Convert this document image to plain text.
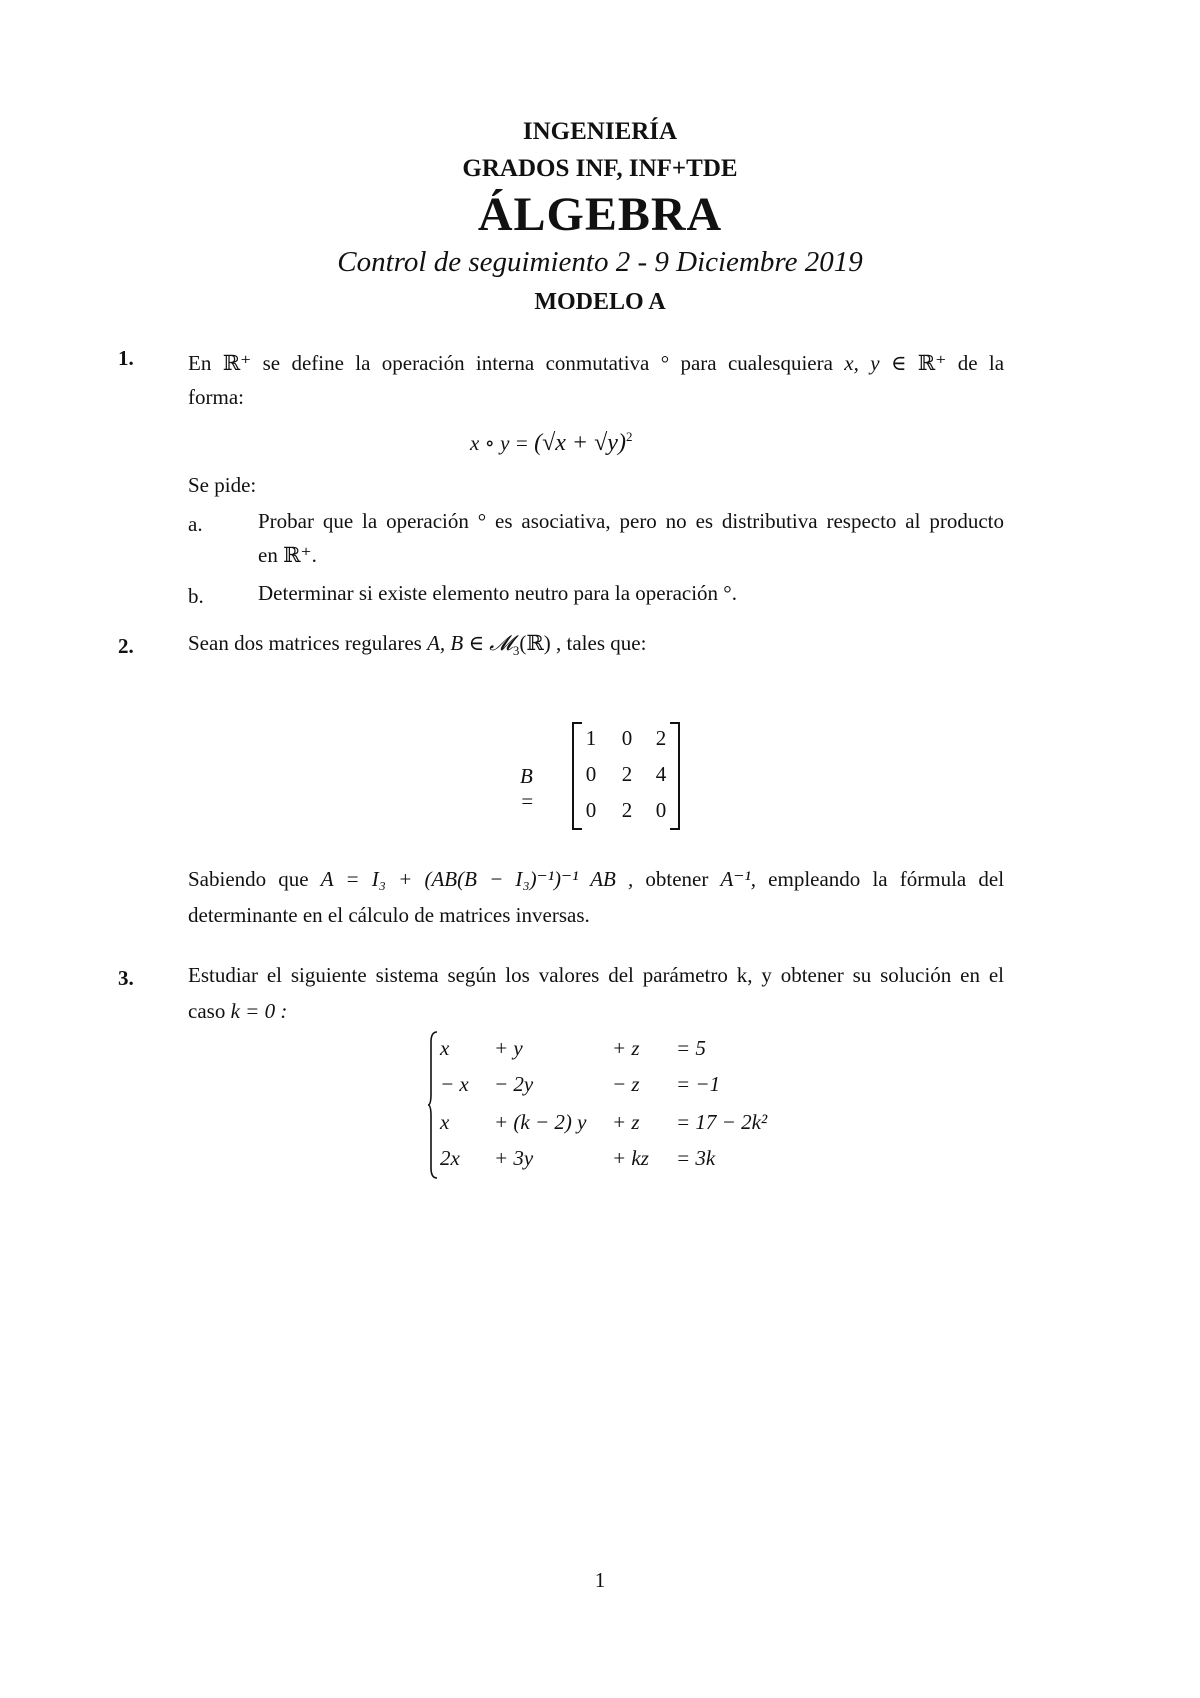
INGENIERÍA
GRADOS INF, INF+TDE
ÁLGEBRA
Control de seguimiento 2 - 9 Diciembre 2019
MODELO A
1.	En ℝ⁺ se define la operación interna conmutativa ° para cualesquiera x, y ∈ ℝ⁺ de la
forma:
x ∘ $y = (√x + √y)^2$
Se pide:
a.	Probar que la operación ° es asociativa, pero no es distributiva respecto al producto
en ℝ⁺.
b.	Determinar si existe elemento neutro para la operación °.
2.	Sean dos matrices regulares A, B ∈ 𝓜$_3$(ℝ) , tales que:
B =
1	0	2
0	2	4
0	2	0
Sabiendo que A = I₃ + (AB(B − I₃)⁻¹)⁻¹ AB , obtener A⁻¹, empleando la fórmula del
determinante en el cálculo de matrices inversas.
3.	Estudiar el siguiente sistema según los valores del parámetro k, y obtener su solución en el
caso k = 0 :
x + y	+ z = 5
− x − 2y	− z = −1
x + (k − 2) y + z = 17 − 2k²
2x + 3y	+ kz = 3k
1
